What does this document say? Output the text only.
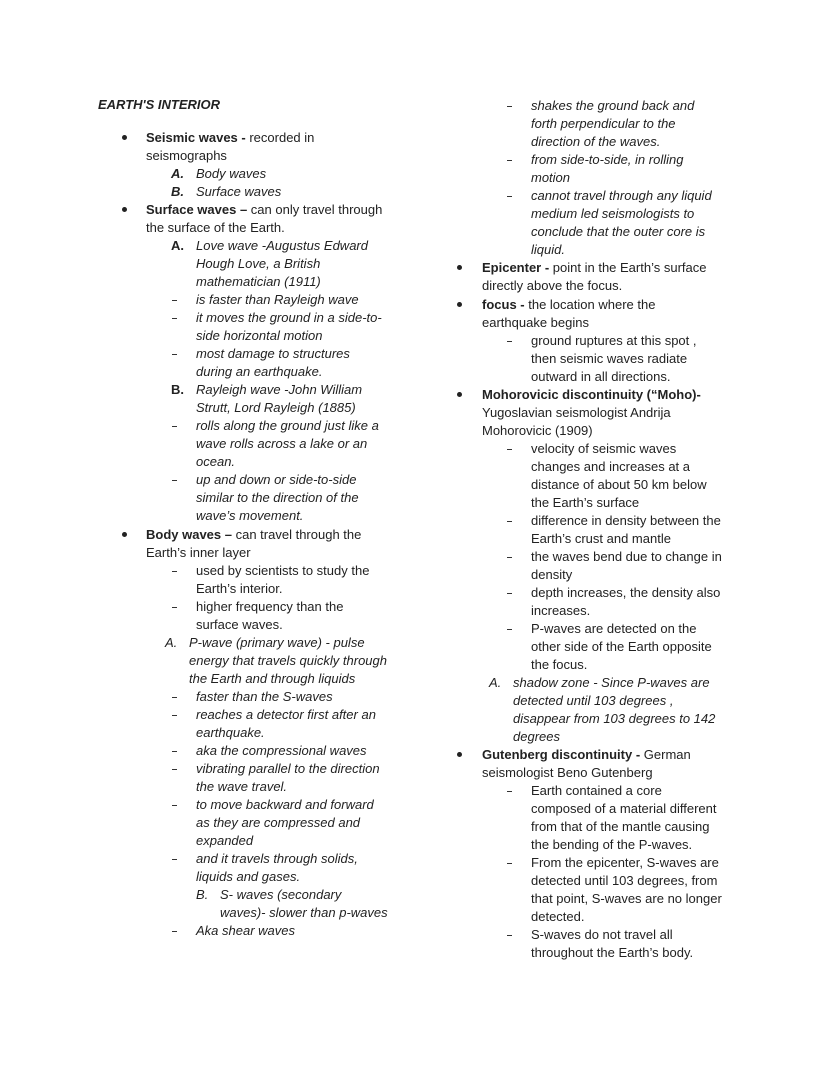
EARTH'S INTERIOR
Seismic waves - recorded in
seismographs
A. Body waves
B. Surface waves
Surface waves – can only travel through
the surface of the Earth.
A. Love wave -Augustus Edward
Hough Love, a British
mathematician (1911)
is faster than Rayleigh wave
it moves the ground in a side-to-
side horizontal motion
most damage to structures
during an earthquake.
B. Rayleigh wave -John William
Strutt, Lord Rayleigh (1885)
rolls along the ground just like a
wave rolls across a lake or an
ocean.
up and down or side-to-side
similar to the direction of the
wave’s movement.
Body waves – can travel through the
Earth’s inner layer
used by scientists to study the
Earth’s interior.
higher frequency than the
surface waves.
A. P-wave (primary wave) - pulse
energy that travels quickly through
the Earth and through liquids
faster than the S-waves
reaches a detector first after an
earthquake.
aka the compressional waves
vibrating parallel to the direction
the wave travel.
to move backward and forward
as they are compressed and
expanded
and it travels through solids,
liquids and gases.
B. S- waves (secondary
waves)- slower than p-waves
Aka shear waves
shakes the ground back and
forth perpendicular to the
direction of the waves.
from side-to-side, in rolling
motion
cannot travel through any liquid
medium led seismologists to
conclude that the outer core is
liquid.
Epicenter - point in the Earth’s surface
directly above the focus.
focus - the location where the
earthquake begins
ground ruptures at this spot ,
then seismic waves radiate
outward in all directions.
Mohorovicic discontinuity (“Moho)-
Yugoslavian seismologist Andrija
Mohorovicic (1909)
velocity of seismic waves
changes and increases at a
distance of about 50 km below
the Earth’s surface
difference in density between the
Earth’s crust and mantle
the waves bend due to change in
density
depth increases, the density also
increases.
P-waves are detected on the
other side of the Earth opposite
the focus.
A. shadow zone - Since P-waves are
detected until 103 degrees ,
disappear from 103 degrees to 142
degrees
Gutenberg discontinuity - German
seismologist Beno Gutenberg
Earth contained a core
composed of a material different
from that of the mantle causing
the bending of the P-waves.
From the epicenter, S-waves are
detected until 103 degrees, from
that point, S-waves are no longer
detected.
S-waves do not travel all
throughout the Earth’s body.
